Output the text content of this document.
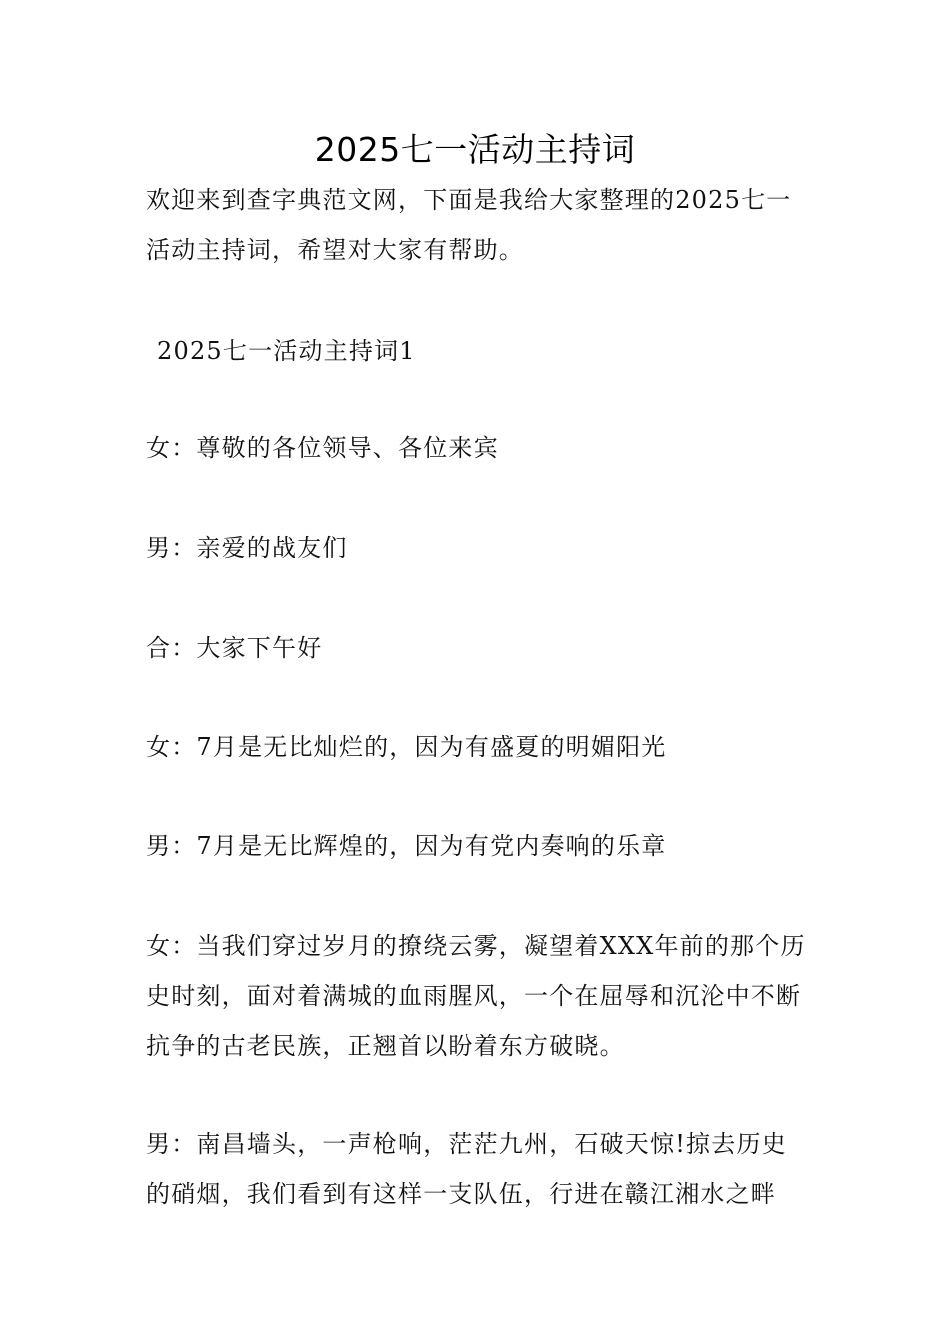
2025七一活动主持词
欢迎来到查字典范文网，下面是我给大家整理的2025七一活动主持词，希望对大家有帮助。
2025七一活动主持词1
女：尊敬的各位领导、各位来宾
男：亲爱的战友们
合：大家下午好
女：7月是无比灿烂的，因为有盛夏的明媚阳光
男：7月是无比辉煌的，因为有党内奏响的乐章
女：当我们穿过岁月的撩绕云雾，凝望着XXX年前的那个历史时刻，面对着满城的血雨腥风，一个在屈辱和沉沦中不断抗争的古老民族，正翘首以盼着东方破晓。
男：南昌墙头，一声枪响，茫茫九州，石破天惊!掠去历史的硝烟，我们看到有这样一支队伍，行进在赣江湘水之畔
